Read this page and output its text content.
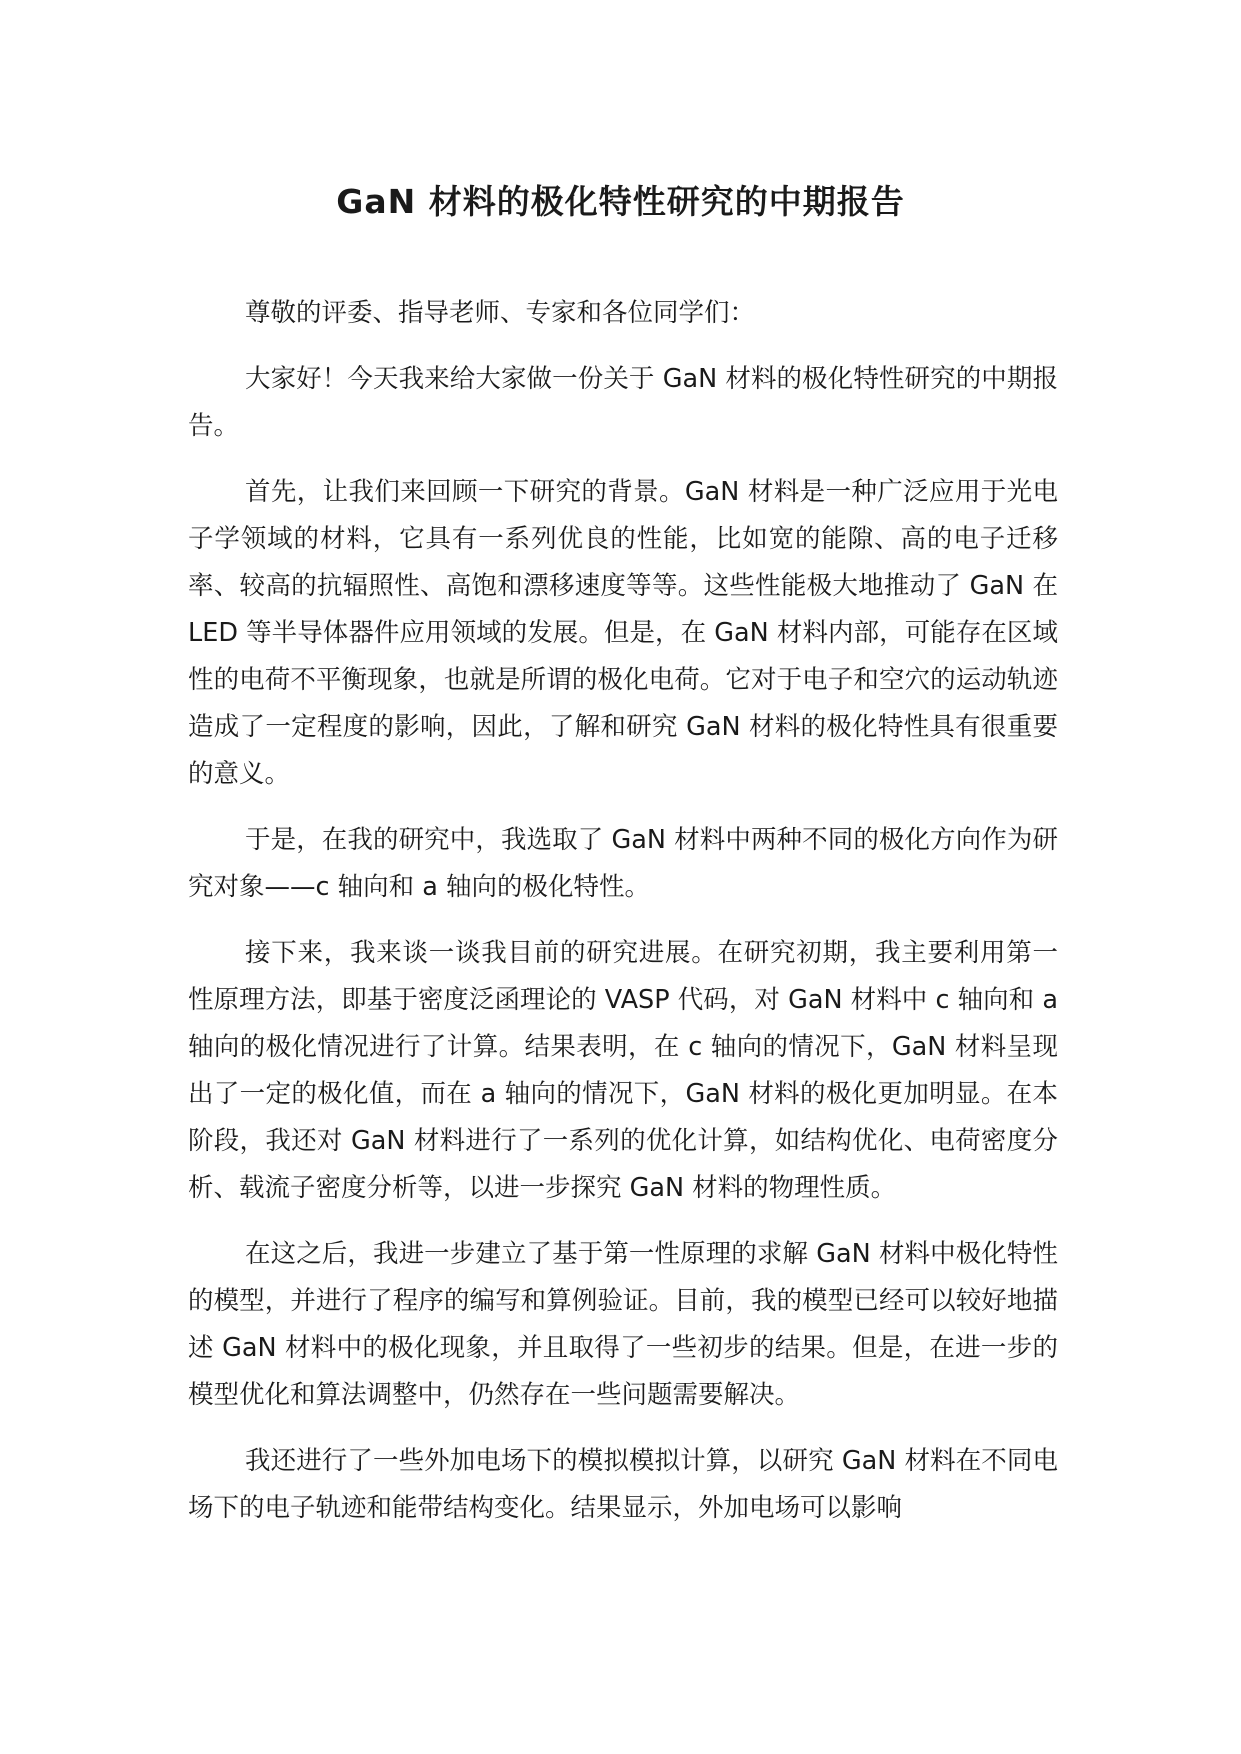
GaN 材料的极化特性研究的中期报告

尊敬的评委、指导老师、专家和各位同学们：

大家好！今天我来给大家做一份关于 GaN 材料的极化特性研究的中期报告。

首先，让我们来回顾一下研究的背景。GaN 材料是一种广泛应用于光电子学领域的材料，它具有一系列优良的性能，比如宽的能隙、高的电子迁移率、较高的抗辐照性、高饱和漂移速度等等。这些性能极大地推动了 GaN 在 LED 等半导体器件应用领域的发展。但是，在 GaN 材料内部，可能存在区域性的电荷不平衡现象，也就是所谓的极化电荷。它对于电子和空穴的运动轨迹造成了一定程度的影响，因此，了解和研究 GaN 材料的极化特性具有很重要的意义。

于是，在我的研究中，我选取了 GaN 材料中两种不同的极化方向作为研究对象——c 轴向和 a 轴向的极化特性。

接下来，我来谈一谈我目前的研究进展。在研究初期，我主要利用第一性原理方法，即基于密度泛函理论的 VASP 代码，对 GaN 材料中 c 轴向和 a 轴向的极化情况进行了计算。结果表明，在 c 轴向的情况下，GaN 材料呈现出了一定的极化值，而在 a 轴向的情况下，GaN 材料的极化更加明显。在本阶段，我还对 GaN 材料进行了一系列的优化计算，如结构优化、电荷密度分析、载流子密度分析等，以进一步探究 GaN 材料的物理性质。

在这之后，我进一步建立了基于第一性原理的求解 GaN 材料中极化特性的模型，并进行了程序的编写和算例验证。目前，我的模型已经可以较好地描述 GaN 材料中的极化现象，并且取得了一些初步的结果。但是，在进一步的模型优化和算法调整中，仍然存在一些问题需要解决。

我还进行了一些外加电场下的模拟模拟计算，以研究 GaN 材料在不同电场下的电子轨迹和能带结构变化。结果显示，外加电场可以影响
